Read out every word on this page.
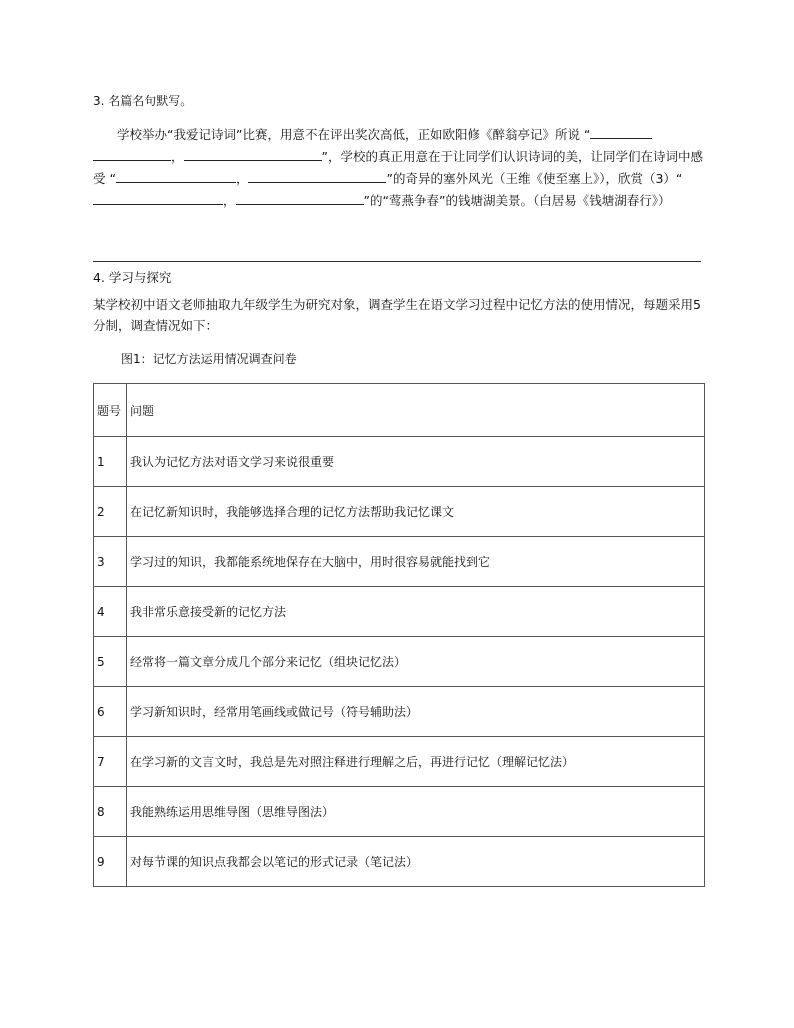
3. 名篇名句默写。
学校举办“我爱记诗词”比赛，用意不在评出奖次高低，正如欧阳修《醉翁亭记》所说 “，	”，学校的真正用意在于让同学们认识诗词的美，让同学们在诗词中感受 “	，	”的奇异的塞外风光（王维《使至塞上》），欣赏（3）“，	”的“莺燕争春”的钱塘湖美景。（白居易《钱塘湖春行》）
4. 学习与探究
某学校初中语文老师抽取九年级学生为研究对象，调查学生在语文学习过程中记忆方法的使用情况，每题采用5分制，调查情况如下：
图1：记忆方法运用情况调查问卷
题号	问题
1	我认为记忆方法对语文学习来说很重要
2	在记忆新知识时，我能够选择合理的记忆方法帮助我记忆课文
3	学习过的知识，我都能系统地保存在大脑中，用时很容易就能找到它
4	我非常乐意接受新的记忆方法
5	经常将一篇文章分成几个部分来记忆（组块记忆法）
6	学习新知识时，经常用笔画线或做记号（符号辅助法）
7	在学习新的文言文时，我总是先对照注释进行理解之后，再进行记忆（理解记忆法）
8	我能熟练运用思维导图（思维导图法）
9	对每节课的知识点我都会以笔记的形式记录（笔记法）
